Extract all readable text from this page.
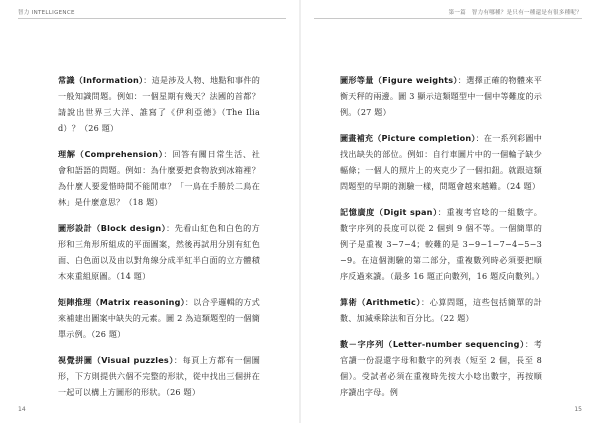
智力 INTELLIGENCE

常識（Information）：這是涉及人物、地點和事件的一般知識問題。例如：一個星期有幾天？法國的首都？請說出世界三大洋、誰寫了《伊利亞德》（The Iliad）？（26 題）

理解（Comprehension）：回答有關日常生活、社會和語語的問題。例如：為什麼要把食物放到冰箱裡？為什麼人要愛惜時間不能閒車？「一鳥在手勝於二鳥在林」是什麼意思？（18 題）

圖形設計（Block design）：先看山紅色和白色的方形和三角形所組成的平面圖案，然後再試用分別有紅色面、白色面以及由以對角線分成半紅半白面的立方體積木來重組原圖。（14 題）

矩陣推理（Matrix reasoning）：以合乎邏輯的方式來補建出圖案中缺失的元素。圖 2 為這類題型的一個簡單示例。（26 題）

視覺拼圖（Visual puzzles）：每頁上方都有一個圖形，下方則提供六個不完整的形狀，從中找出三個拼在一起可以構上方圖形的形狀。（26 題）

14
第一篇　智力有哪種？是只有一種還是有很多種呢？

圖形等量（Figure weights）：選擇正確的物體來平衡天秤的兩邊。圖 3 顯示這類題型中一個中等難度的示例。（27 題）

圖畫補充（Picture completion）：在一系列彩圖中找出缺失的部位。例如：自行車圖片中的一個輪子缺少輻條；一個人的照片上的夾克少了一個扣鈕。就跟這類問題型的早期的測驗一樣，問題會越來越難。（24 題）

記憶廣度（Digit span）：重複考官唸的一組數字。數字序列的長度可以從 2 個到 9 個不等。一個簡單的例子是重複 3−7−4；較難的是 3−9−1−7−4−5−3−9。在這個測驗的第二部分，重複數列時必須要把順序反過來讀。（最多 16 題正向數列，16 題反向數列。）

算術（Arithmetic）：心算問題，這些包括簡單的計數、加減乘除法和百分比。（22 題）

數－字序列（Letter-number sequencing）：考官讀一份混還字母和數字的列表（短至 2 個，長至 8 個）。受試者必須在重複時先按大小唸出數字，再按順序讀出字母。例

15
